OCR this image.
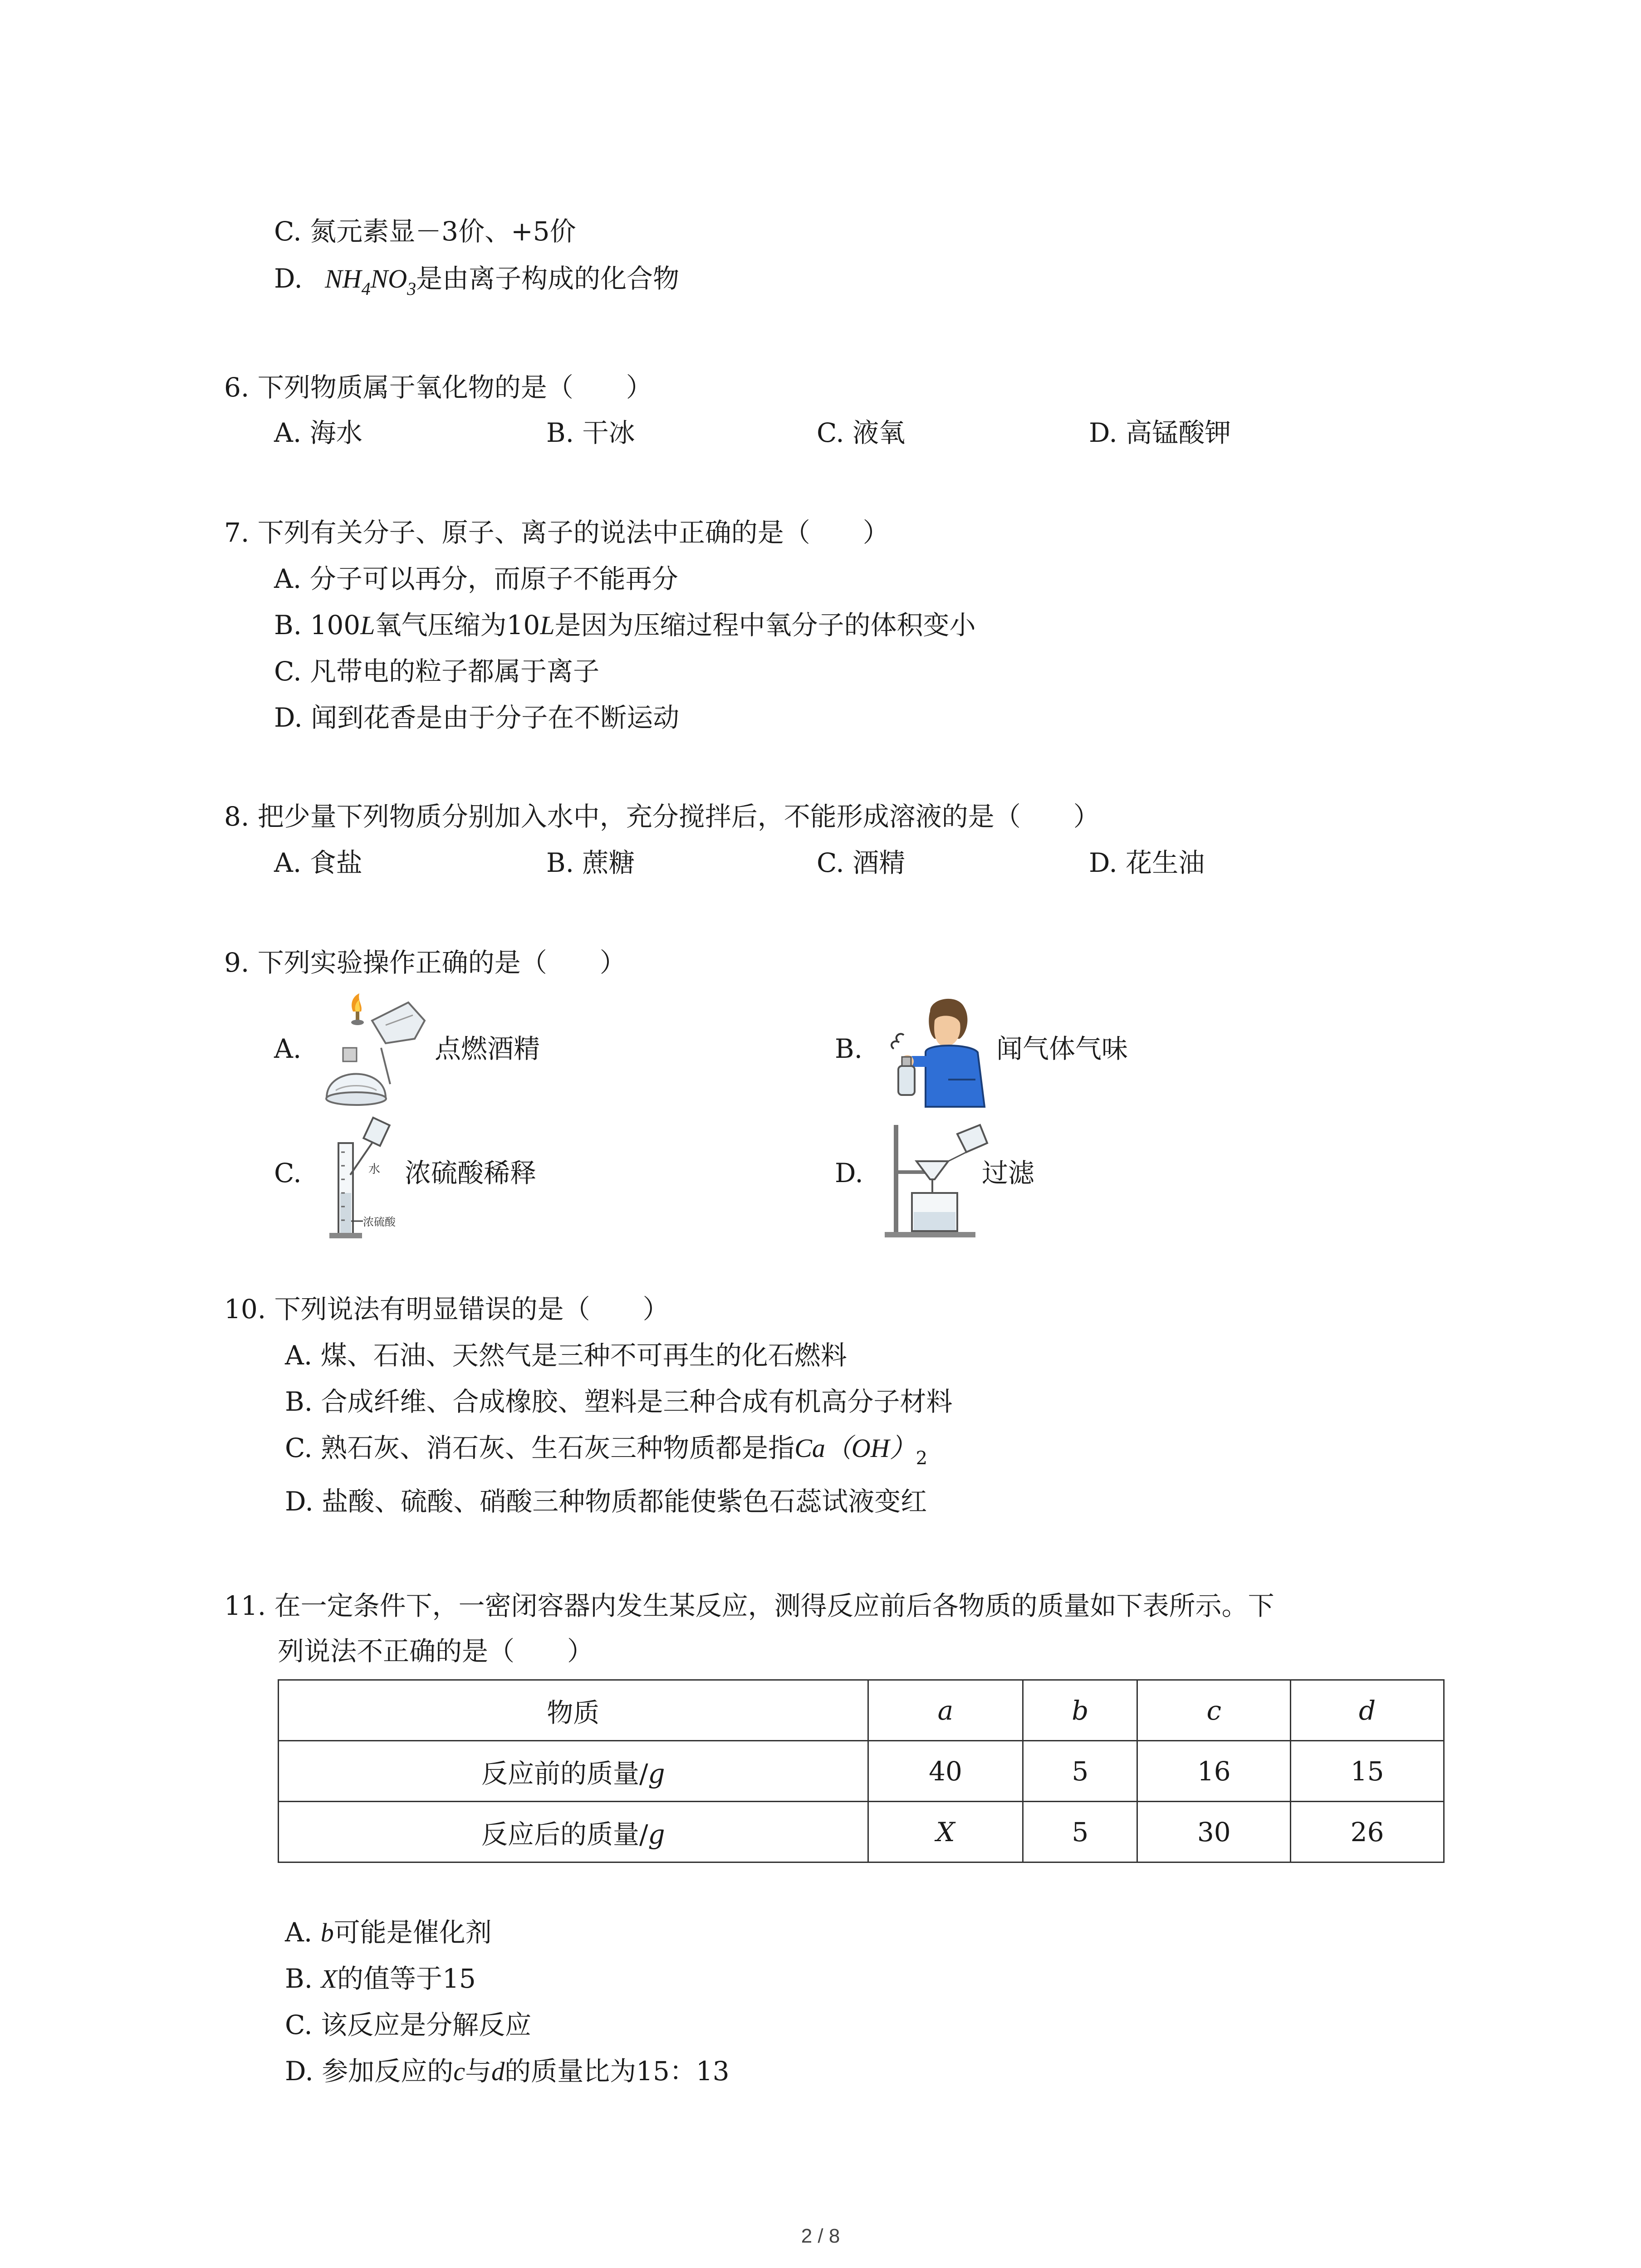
C. 氮元素显－3价、+5价
D. $NH_4NO_3$是由离子构成的化合物
6. 下列物质属于氧化物的是（　　）
A. 海水	B. 干冰	C. 液氧	D. 高锰酸钾
7. 下列有关分子、原子、离子的说法中正确的是（　　）
A. 分子可以再分，而原子不能再分
B. 100L氧气压缩为10L是因为压缩过程中氧分子的体积变小
C. 凡带电的粒子都属于离子
D. 闻到花香是由于分子在不断运动
8. 把少量下列物质分别加入水中，充分搅拌后，不能形成溶液的是（　　）
A. 食盐	B. 蔗糖	C. 酒精	D. 花生油
9. 下列实验操作正确的是（　　）
A.	点燃酒精	B.	闻气体气味
C.	水
浓硫酸
浓硫酸稀释	D.	过滤
10. 下列说法有明显错误的是（　　）
A. 煤、石油、天然气是三种不可再生的化石燃料
B. 合成纤维、合成橡胶、塑料是三种合成有机高分子材料
C. 熟石灰、消石灰、生石灰三种物质都是指$Ca(OH)_2$
D. 盐酸、硫酸、硝酸三种物质都能使紫色石蕊试液变红
11. 在一定条件下，一密闭容器内发生某反应，测得反应前后各物质的质量如下表所示。下
列说法不正确的是（　　）
物质	a	b	c	d
反应前的质量/g	40	5	16	15
反应后的质量/g	X	5	30	26
A. b可能是催化剂
B. X的值等于15
C. 该反应是分解反应
D. 参加反应的c与d的质量比为15：13
2 / 8
